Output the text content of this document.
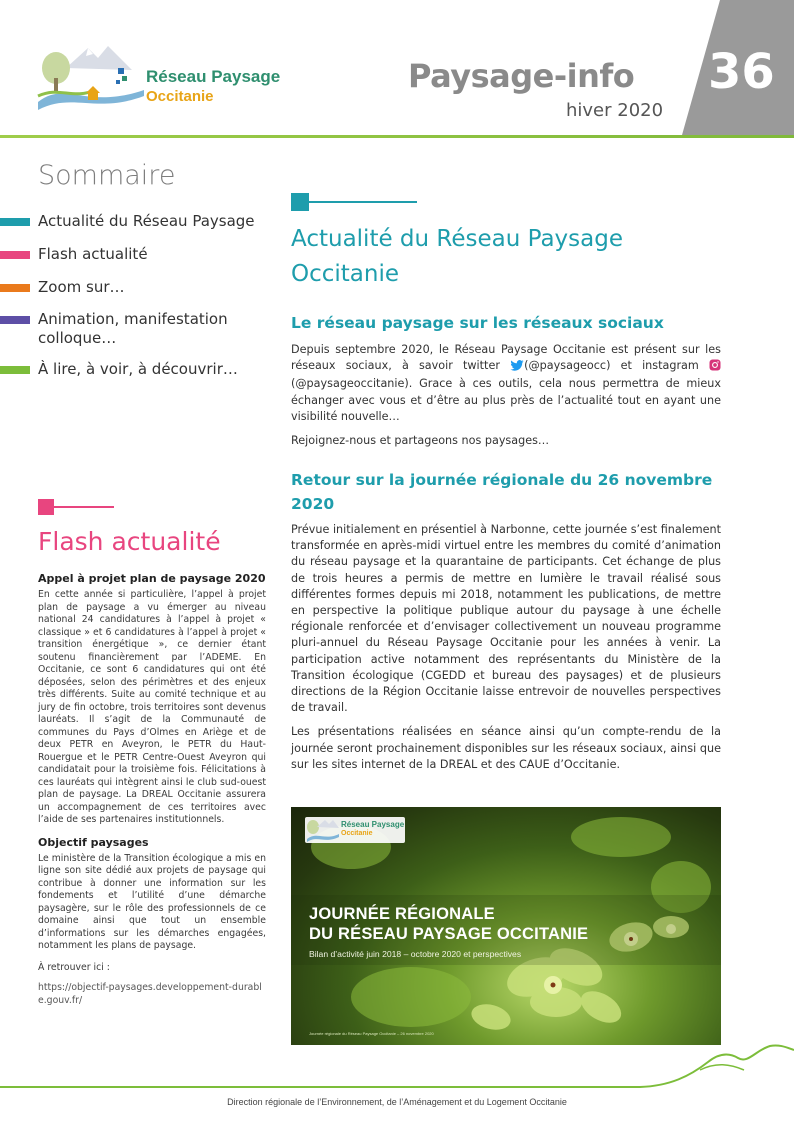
Réseau Paysage
Occitanie
Paysage-info
hiver 2020
36
Sommaire
Actualité du Réseau Paysage
Flash actualité
Zoom sur…
Animation, manifestation colloque…
À lire, à voir, à découvrir…
Flash actualité
Appel à projet plan de paysage 2020
En cette année si particulière, l’appel à projet plan de paysage a vu émerger au niveau national 24 candidatures à l’appel à projet « classique » et 6 candidatures à l’appel à projet « transition énergétique », ce dernier étant soutenu financièrement par l’ADEME. En Occitanie, ce sont 6 candidatures qui ont été déposées, selon des périmètres et des enjeux très différents. Suite au comité technique et au jury de fin octobre, trois territoires sont devenus lauréats. Il s’agit de la Communauté de communes du Pays d’Olmes en Ariège et de deux PETR en Aveyron, le PETR du Haut-Rouergue et le PETR Centre-Ouest Aveyron qui candidatait pour la troisième fois. Félicitations à ces lauréats qui intègrent ainsi le club sud-ouest plan de paysage. La DREAL Occitanie assurera un accompagnement de ces territoires avec l’aide de ses partenaires institutionnels.
Objectif paysages
Le ministère de la Transition écologique a mis en ligne son site dédié aux projets de paysage qui contribue à donner une information sur les fondements et l’utilité d’une démarche paysagère, sur le rôle des professionnels de ce domaine ainsi que tout un ensemble d’informations sur les démarches engagées, notamment les plans de paysage.
À retrouver ici :
https://objectif-paysages.developpement-durable.gouv.fr/
Actualité du Réseau Paysage Occitanie
Le réseau paysage sur les réseaux sociaux

Depuis septembre 2020, le Réseau Paysage Occitanie est présent sur les réseaux sociaux, à savoir twitter (@paysageocc) et instagram  (@paysageoccitanie). Grace à ces outils, cela nous permettra de mieux échanger avec vous et d’être au plus près de l’actualité tout en ayant une visibilité nouvelle…

Rejoignez-nous et partageons nos paysages…

Retour sur la journée régionale du 26 novembre 2020

Prévue initialement en présentiel à Narbonne, cette journée s’est finalement transformée en après-midi virtuel entre les membres du comité d’animation du réseau paysage et la quarantaine de participants. Cet échange de plus de trois heures a permis de mettre en lumière le travail réalisé sous différentes formes depuis mi 2018, notamment les publications, de mettre en perspective la politique publique autour du paysage à une échelle régionale renforcée et d’envisager collectivement un nouveau programme pluri-annuel du Réseau Paysage Occitanie pour les années à venir. La participation active notamment des représentants du Ministère de la Transition écologique (CGEDD et bureau des paysages) et de plusieurs directions de la Région Occitanie laisse entrevoir de nouvelles perspectives de travail.

Les présentations réalisées en séance ainsi qu’un compte-rendu de la journée seront prochainement disponibles sur les réseaux sociaux, ainsi que sur les sites internet de la DREAL et des CAUE d’Occitanie.

Réseau Paysage
Occitanie
JOURNÉE RÉGIONALE
DU RÉSEAU PAYSAGE OCCITANIE
Bilan d’activité juin 2018 – octobre 2020 et perspectives
Journée régionale du Réseau Paysage Occitanie – 26 novembre 2020
Direction régionale de l’Environnement, de l’Aménagement et du Logement Occitanie
